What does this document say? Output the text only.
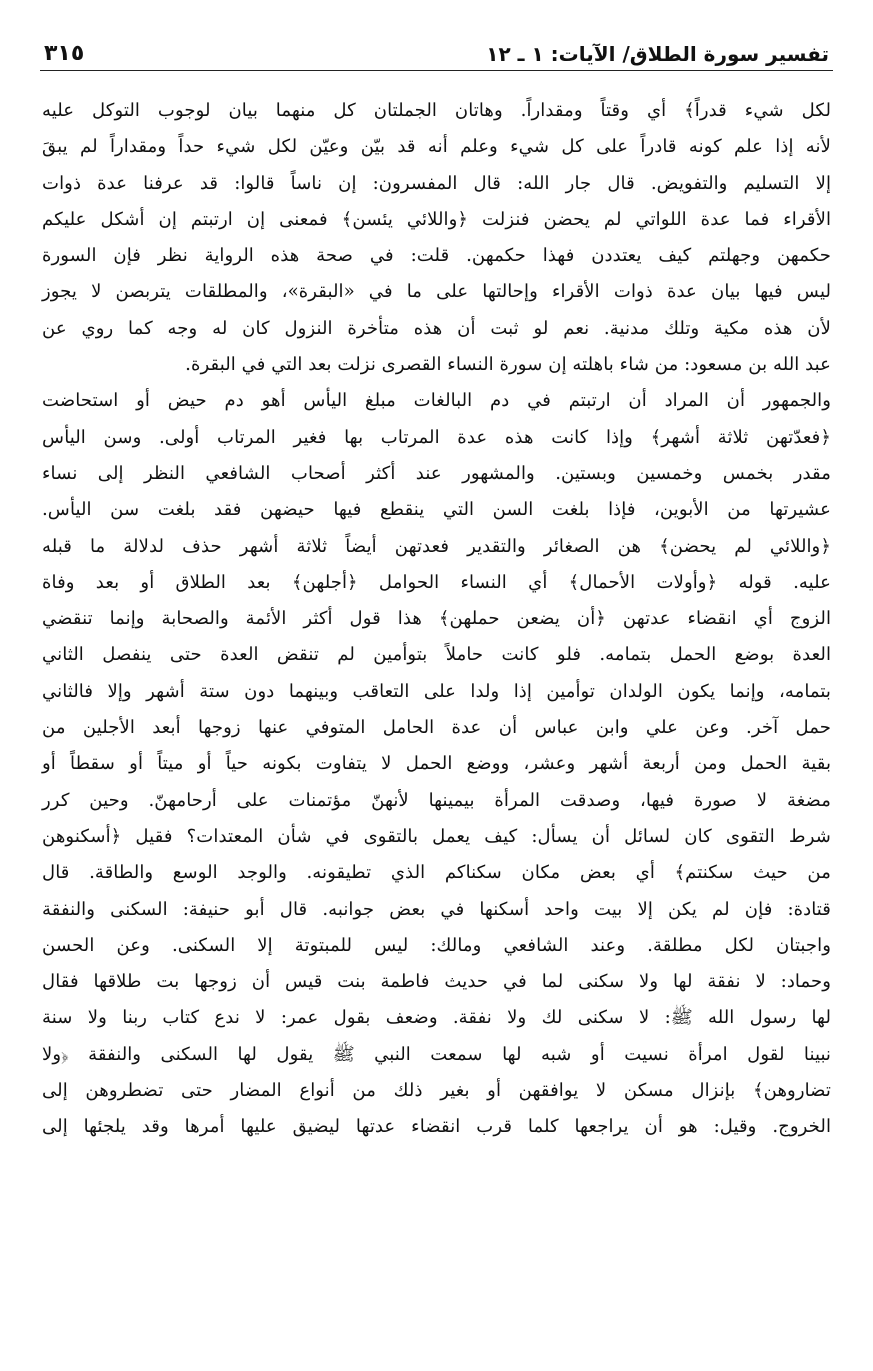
تفسير سورة الطلاق/ الآيات: ١ ـ ١٢
٣١٥
لكل شيء قدراً﴾ أي وقتاً ومقداراً. وهاتان الجملتان كل منهما بيان لوجوب التوكل عليه
لأنه إذا علم كونه قادراً على كل شيء وعلم أنه قد بيّن وعيّن لكل شيء حداً ومقداراً لم يبقَ
إلا التسليم والتفويض. قال جار الله: قال المفسرون: إن ناساً قالوا: قد عرفنا عدة ذوات
الأقراء فما عدة اللواتي لم يحضن فنزلت ﴿واللائي يئسن﴾ فمعنى إن ارتبتم إن أشكل عليكم
حكمهن وجهلتم كيف يعتددن فهذا حكمهن. قلت: في صحة هذه الرواية نظر فإن السورة
ليس فيها بيان عدة ذوات الأقراء وإحالتها على ما في «البقرة»، والمطلقات يتربصن لا يجوز
لأن هذه مكية وتلك مدنية. نعم لو ثبت أن هذه متأخرة النزول كان له وجه كما روي عن
عبد الله بن مسعود: من شاء باهلته إن سورة النساء القصرى نزلت بعد التي في البقرة.
والجمهور أن المراد أن ارتبتم في دم البالغات مبلغ اليأس أهو دم حيض أو استحاضت
﴿فعدّتهن ثلاثة أشهر﴾ وإذا كانت هذه عدة المرتاب بها فغير المرتاب أولى. وسن اليأس
مقدر بخمس وخمسين وبستين. والمشهور عند أكثر أصحاب الشافعي النظر إلى نساء
عشيرتها من الأبوين، فإذا بلغت السن التي ينقطع فيها حيضهن فقد بلغت سن اليأس.
﴿واللائي لم يحضن﴾ هن الصغائر والتقدير فعدتهن أيضاً ثلاثة أشهر حذف لدلالة ما قبله
عليه. قوله ﴿وأولات الأحمال﴾ أي النساء الحوامل ﴿أجلهن﴾ بعد الطلاق أو بعد وفاة
الزوج أي انقضاء عدتهن ﴿أن يضعن حملهن﴾ هذا قول أكثر الأئمة والصحابة وإنما تنقضي
العدة بوضع الحمل بتمامه. فلو كانت حاملاً بتوأمين لم تنقض العدة حتى ينفصل الثاني
بتمامه، وإنما يكون الولدان توأمين إذا ولدا على التعاقب وبينهما دون ستة أشهر وإلا فالثاني
حمل آخر. وعن علي وابن عباس أن عدة الحامل المتوفي عنها زوجها أبعد الأجلين من
بقية الحمل ومن أربعة أشهر وعشر، ووضع الحمل لا يتفاوت بكونه حياً أو ميتاً أو سقطاً أو
مضغة لا صورة فيها، وصدقت المرأة بيمينها لأنهنّ مؤتمنات على أرحامهنّ. وحين كرر
شرط التقوى كان لسائل أن يسأل: كيف يعمل بالتقوى في شأن المعتدات؟ فقيل ﴿أسكنوهن
من حيث سكنتم﴾ أي بعض مكان سكناكم الذي تطيقونه. والوجد الوسع والطاقة. قال
قتادة: فإن لم يكن إلا بيت واحد أسكنها في بعض جوانبه. قال أبو حنيفة: السكنى والنفقة
واجبتان لكل مطلقة. وعند الشافعي ومالك: ليس للمبتوتة إلا السكنى. وعن الحسن
وحماد: لا نفقة لها ولا سكنى لما في حديث فاطمة بنت قيس أن زوجها بت طلاقها فقال
لها رسول الله ﷺ: لا سكنى لك ولا نفقة. وضعف بقول عمر: لا ندع كتاب ربنا ولا سنة
نبينا لقول امرأة نسيت أو شبه لها سمعت النبي ﷺ يقول لها السكنى والنفقة ﴿ولا
تضاروهن﴾ بإنزال مسكن لا يوافقهن أو بغير ذلك من أنواع المضار حتى تضطروهن إلى
الخروج. وقيل: هو أن يراجعها كلما قرب انقضاء عدتها ليضيق عليها أمرها وقد يلجئها إلى
